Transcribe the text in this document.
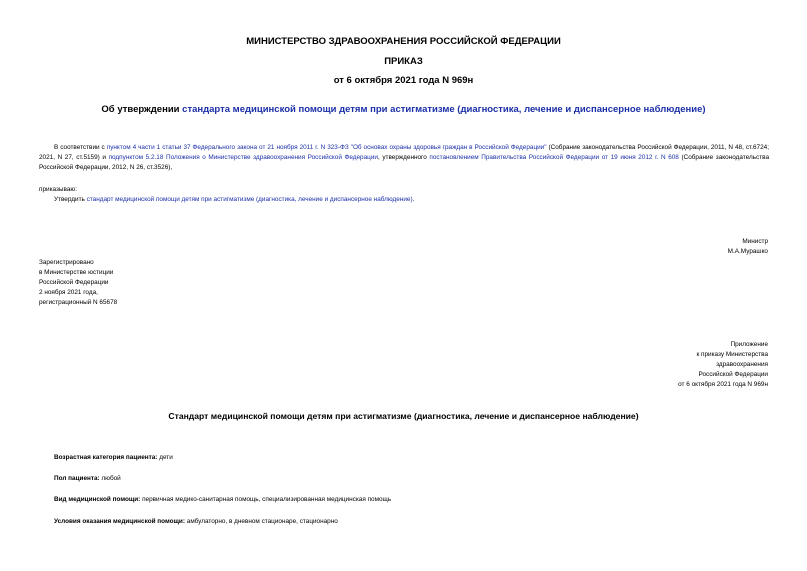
МИНИСТЕРСТВО ЗДРАВООХРАНЕНИЯ РОССИЙСКОЙ ФЕДЕРАЦИИ
ПРИКАЗ
от 6 октября 2021 года N 969н
Об утверждении стандарта медицинской помощи детям при астигматизме (диагностика, лечение и диспансерное наблюдение)
В соответствии с пунктом 4 части 1 статьи 37 Федерального закона от 21 ноября 2011 г. N 323-ФЗ "Об основах охраны здоровья граждан в Российской Федерации" (Собрание законодательства Российской Федерации, 2011, N 48, ст.6724; 2021, N 27, ст.5159) и подпунктом 5.2.18 Положения о Министерстве здравоохранения Российской Федерации, утвержденного постановлением Правительства Российской Федерации от 19 июня 2012 г. N 608 (Собрание законодательства Российской Федерации, 2012, N 26, ст.3526),
приказываю:
Утвердить стандарт медицинской помощи детям при астигматизме (диагностика, лечение и диспансерное наблюдение).
Министр
М.А.Мурашко
Зарегистрировано
в Министерстве юстиции
Российской Федерации
2 ноября 2021 года,
регистрационный N 65678
Приложение
к приказу Министерства
здравоохранения
Российской Федерации
от 6 октября 2021 года N 969н
Стандарт медицинской помощи детям при астигматизме (диагностика, лечение и диспансерное наблюдение)
Возрастная категория пациента: дети
Пол пациента: любой
Вид медицинской помощи: первичная медико-санитарная помощь, специализированная медицинская помощь
Условия оказания медицинской помощи: амбулаторно, в дневном стационаре, стационарно
